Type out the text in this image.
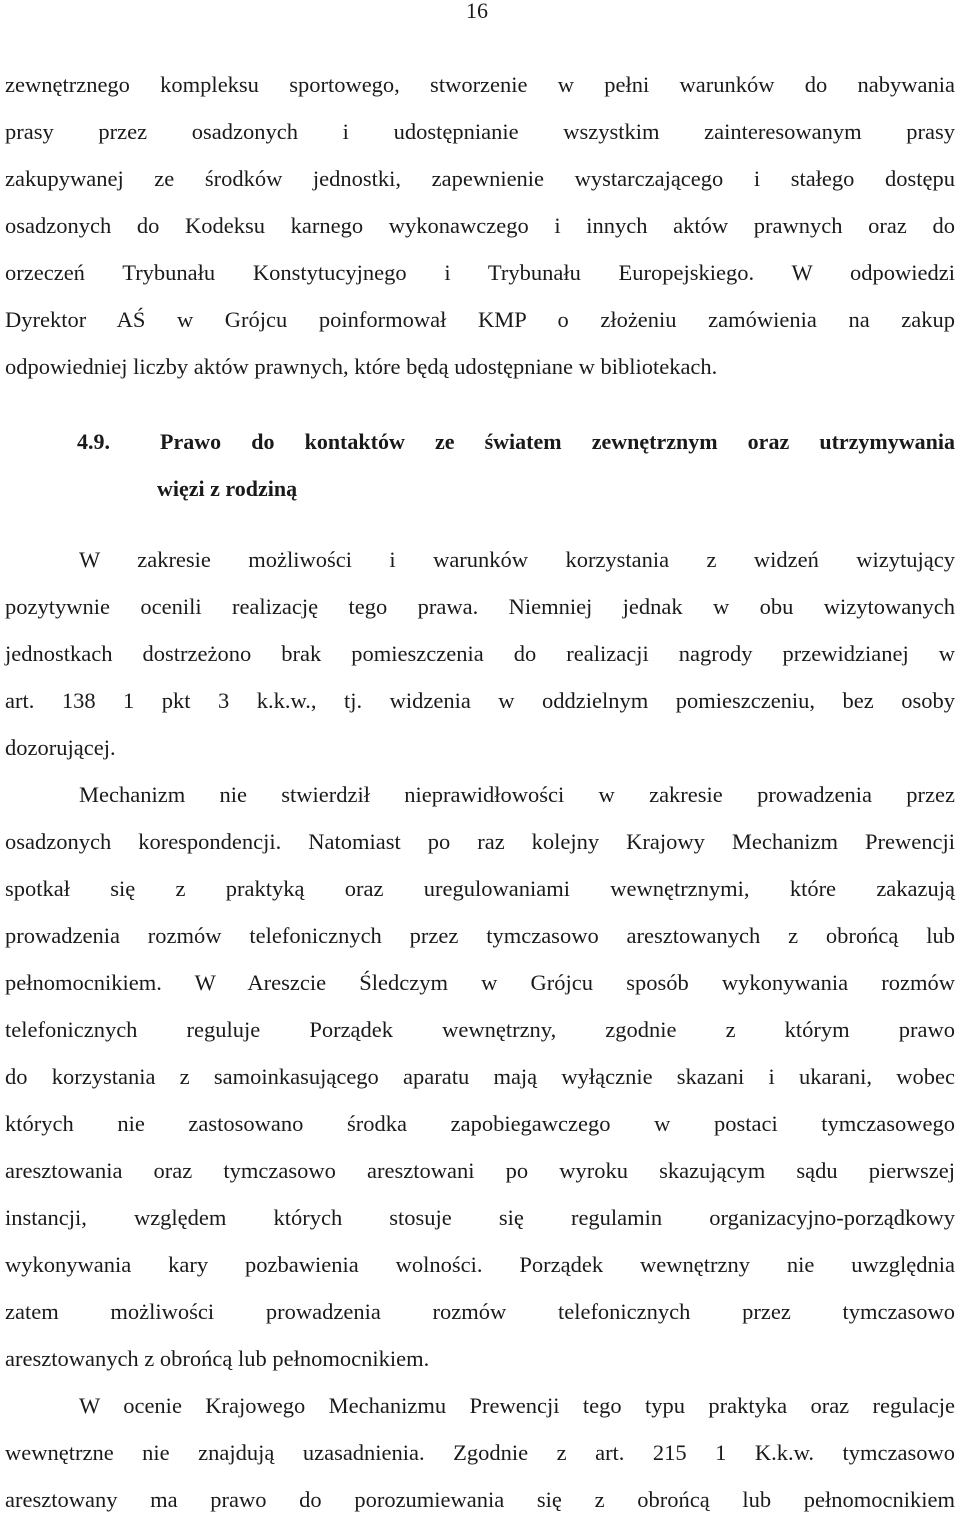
16
zewnętrznego kompleksu sportowego, stworzenie w pełni warunków do nabywania
prasy przez osadzonych i udostępnianie wszystkim zainteresowanym prasy
zakupywanej ze środków jednostki, zapewnienie wystarczającego i stałego dostępu
osadzonych do Kodeksu karnego wykonawczego i innych aktów prawnych oraz do
orzeczeń Trybunału Konstytucyjnego i Trybunału Europejskiego. W odpowiedzi
Dyrektor AŚ w Grójcu poinformował KMP o złożeniu zamówienia na zakup
odpowiedniej liczby aktów prawnych, które będą udostępniane w bibliotekach.
4.9. Prawo do kontaktów ze światem zewnętrznym oraz utrzymywania
więzi z rodziną
W zakresie możliwości i warunków korzystania z widzeń wizytujący
pozytywnie ocenili realizację tego prawa. Niemniej jednak w obu wizytowanych
jednostkach dostrzeżono brak pomieszczenia do realizacji nagrody przewidzianej w
art. 138 1 pkt 3 k.k.w., tj. widzenia w oddzielnym pomieszczeniu, bez osoby
dozorującej.
Mechanizm nie stwierdził nieprawidłowości w zakresie prowadzenia przez
osadzonych korespondencji. Natomiast po raz kolejny Krajowy Mechanizm Prewencji
spotkał się z praktyką oraz uregulowaniami wewnętrznymi, które zakazują
prowadzenia rozmów telefonicznych przez tymczasowo aresztowanych z obrońcą lub
pełnomocnikiem. W Areszcie Śledczym w Grójcu sposób wykonywania rozmów
telefonicznych reguluje Porządek wewnętrzny, zgodnie z którym prawo
do korzystania z samoinkasującego aparatu mają wyłącznie skazani i ukarani, wobec
których nie zastosowano środka zapobiegawczego w postaci tymczasowego
aresztowania oraz tymczasowo aresztowani po wyroku skazującym sądu pierwszej
instancji, względem których stosuje się regulamin organizacyjno-porządkowy
wykonywania kary pozbawienia wolności. Porządek wewnętrzny nie uwzględnia
zatem możliwości prowadzenia rozmów telefonicznych przez tymczasowo
aresztowanych z obrońcą lub pełnomocnikiem.
W ocenie Krajowego Mechanizmu Prewencji tego typu praktyka oraz regulacje
wewnętrzne nie znajdują uzasadnienia. Zgodnie z art. 215 1 K.k.w. tymczasowo
aresztowany ma prawo do porozumiewania się z obrońcą lub pełnomocnikiem
